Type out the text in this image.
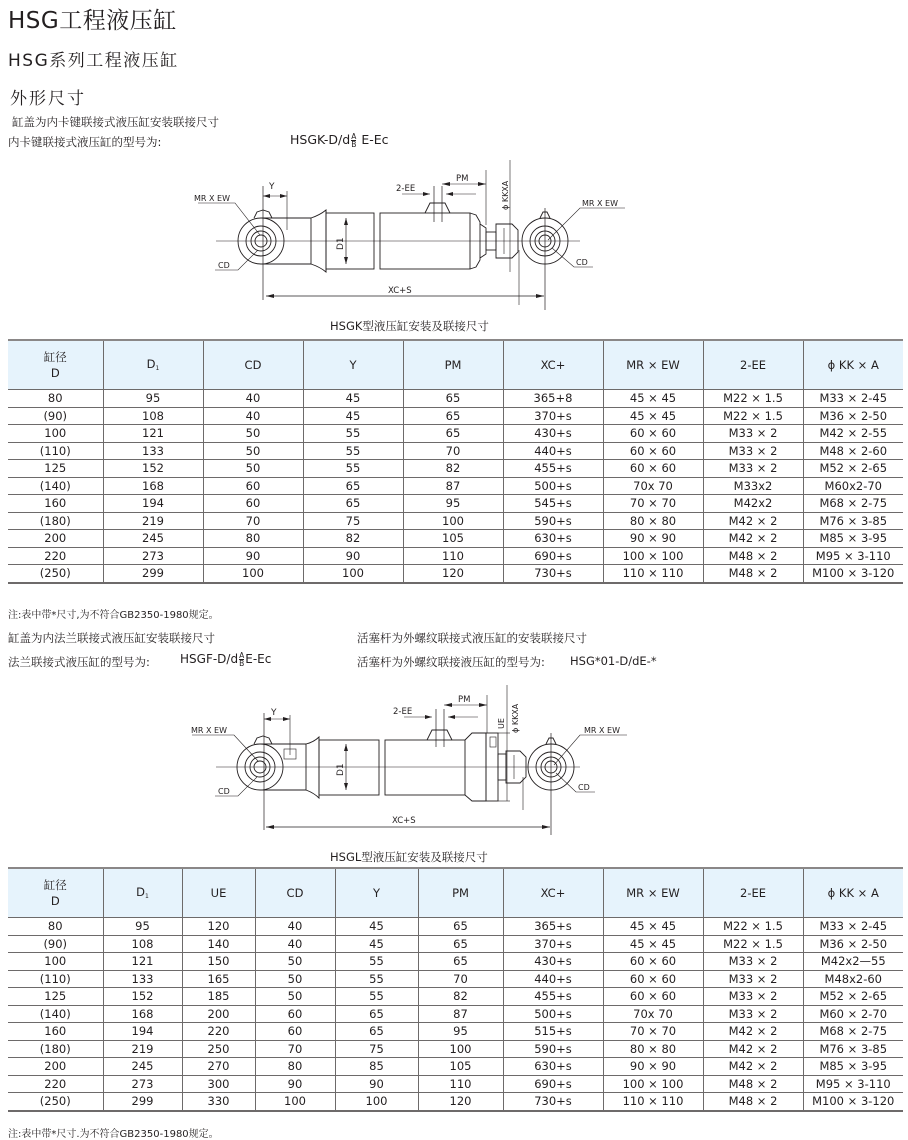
HSG工程液压缸
HSG系列工程液压缸
外形尺寸
缸盖为内卡键联接式液压缸安装联接尺寸
内卡键联接式液压缸的型号为:	HSGK-D/d $\frac{A}{B} E-Ec$
Y
MR X EW
CD
D1
2-EE
PM
ϕ KKXA	MR X EW
CD
XC+S
HSGK型液压缸安装及联接尺寸
缸径
D	$D_1$	CD	Y	PM	XC+	MR × EW	2-EE	ϕ KK × A
80	95	40	45	65	365+8	45 × 45	M22 × 1.5	M33 × 2-45
(90)	108	40	45	65	370+s	45 × 45	M22 × 1.5	M36 × 2-50
100	121	50	55	65	430+s	60 × 60	M33 × 2	M42 × 2-55
(110)	133	50	55	70	440+s	60 × 60	M33 × 2	M48 × 2-60
125	152	50	55	82	455+s	60 × 60	M33 × 2	M52 × 2-65
(140)	168	60	65	87	500+s	70x 70	M33x2	M60x2-70
160	194	60	65	95	545+s	70 × 70	M42x2	M68 × 2-75
(180)	219	70	75	100	590+s	80 × 80	M42 × 2	M76 × 3-85
200	245	80	82	105	630+s	90 × 90	M42 × 2	M85 × 3-95
220	273	90	90	110	690+s	100 × 100	M48 × 2	M95 × 3-110
(250)	299	100	100	120	730+s	110 × 110	M48 × 2	M100 × 3-120
注:表中带*尺寸,为不符合GB2350-1980规定。
缸盖为内法兰联接式液压缸安装联接尺寸
法兰联接式液压缸的型号为:	HSGF-D/d $\frac{A}{B} E-Ec$
活塞杆为外螺纹联接式液压缸的安装联接尺寸
活塞杆为外螺纹联接液压缸的型号为: HSG*01-D/dE-*
Y
MR X EW
CD
D1
2-EE
PM
UE ϕ KKXA	MR X EW
CD
XC+S
HSGL型液压缸安装及联接尺寸
缸径
D	$D_1$	UE	CD	Y	PM	XC+	MR × EW	2-EE	ϕ KK × A
80	95	120	40	45	65	365+s	45 × 45	M22 × 1.5	M33 × 2-45
(90)	108	140	40	45	65	370+s	45 × 45	M22 × 1.5	M36 × 2-50
100	121	150	50	55	65	430+s	60 × 60	M33 × 2	M42x2—55
(110)	133	165	50	55	70	440+s	60 × 60	M33 × 2	M48x2-60
125	152	185	50	55	82	455+s	60 × 60	M33 × 2	M52 × 2-65
(140)	168	200	60	65	87	500+s	70x 70	M33 × 2	M60 × 2-70
160	194	220	60	65	95	515+s	70 × 70	M42 × 2	M68 × 2-75
(180)	219	250	70	75	100	590+s	80 × 80	M42 × 2	M76 × 3-85
200	245	270	80	85	105	630+s	90 × 90	M42 × 2	M85 × 3-95
220	273	300	90	90	110	690+s	100 × 100	M48 × 2	M95 × 3-110
(250)	299	330	100	100	120	730+s	110 × 110	M48 × 2	M100 × 3-120
注:表中带*尺寸.为不符合GB2350-1980规定。
